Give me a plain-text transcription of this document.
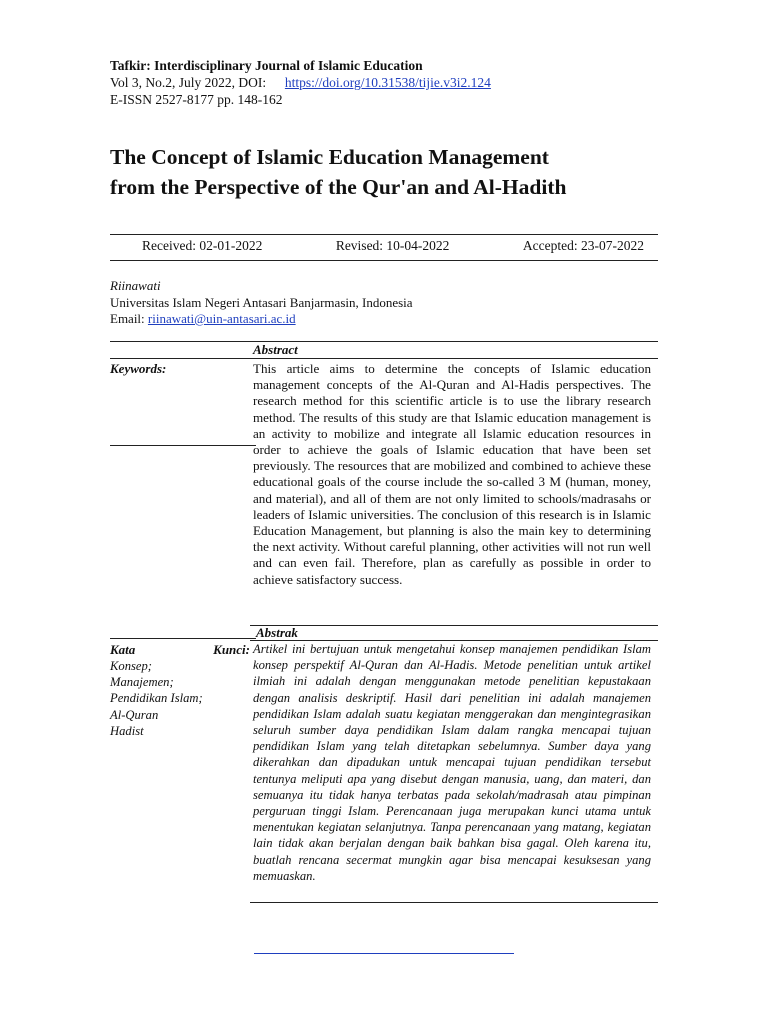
Tafkir: Interdisciplinary Journal of Islamic Education
Vol 3, No.2, July 2022, DOI: https://doi.org/10.31538/tijie.v3i2.124
E-ISSN 2527-8177 pp. 148-162
The Concept of Islamic Education Management
from the Perspective of the Qur'an and Al-Hadith
Received: 02-01-2022	Revised: 10-04-2022	Accepted: 23-07-2022
Riinawati
Universitas Islam Negeri Antasari Banjarmasin, Indonesia
Email: riinawati@uin-antasari.ac.id
Abstract
Keywords:	This article aims to determine the concepts of Islamic education management concepts of the Al-Quran and Al-Hadis perspectives. The research method for this scientific article is to use the library research method. The results of this study are that Islamic education management is an activity to mobilize and integrate all Islamic education resources in order to achieve the goals of Islamic education that have been set previously. The resources that are mobilized and combined to achieve these educational goals of the course include the so-called 3 M (human, money, and material), and all of them are not only limited to schools/madrasahs or leaders of Islamic universities. The conclusion of this research is in Islamic Education Management, but planning is also the main key to determining the next activity. Without careful planning, other activities will not run well and can even fail. Therefore, plan as carefully as possible in order to achieve satisfactory success.
Abstrak
Kata	Kunci:
Konsep;
Manajemen;
Pendidikan Islam;
Al-Quran
Hadist
Artikel ini bertujuan untuk mengetahui konsep manajemen pendidikan Islam konsep perspektif Al-Quran dan Al-Hadis. Metode penelitian untuk artikel ilmiah ini adalah dengan menggunakan metode penelitian kepustakaan dengan analisis deskriptif. Hasil dari penelitian ini adalah manajemen pendidikan Islam adalah suatu kegiatan menggerakan dan mengintegrasikan seluruh sumber daya pendidikan Islam dalam rangka mencapai tujuan pendidikan Islam yang telah ditetapkan sebelumnya. Sumber daya yang dikerahkan dan dipadukan untuk mencapai tujuan pendidikan tersebut tentunya meliputi apa yang disebut dengan manusia, uang, dan materi, dan semuanya itu tidak hanya terbatas pada sekolah/madrasah atau pimpinan perguruan tinggi Islam. Perencanaan juga merupakan kunci utama untuk menentukan kegiatan selanjutnya. Tanpa perencanaan yang matang, kegiatan lain tidak akan berjalan dengan baik bahkan bisa gagal. Oleh karena itu, buatlah rencana secermat mungkin agar bisa mencapai kesuksesan yang memuaskan.
